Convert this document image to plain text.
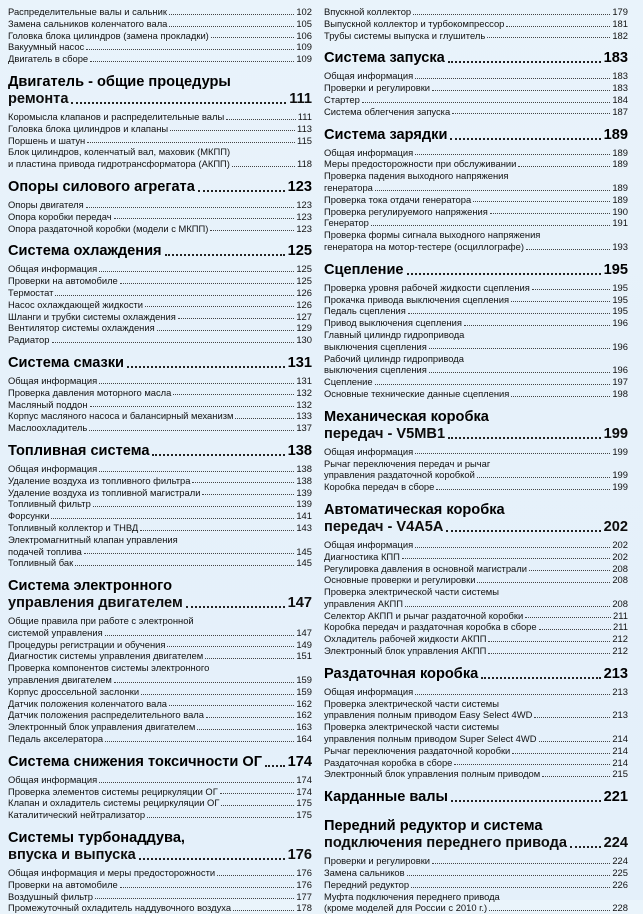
Распределительные валы и сальник	102
Замена сальников коленчатого вала	105
Головка блока цилиндров (замена прокладки)	106
Вакуумный насос	109
Двигатель в сборе	109
Двигатель - общие процедуры
ремонта	111
Коромысла клапанов и распределительные валы	111
Головка блока цилиндров и клапаны	113
Поршень и шатун	115
Блок цилиндров, коленчатый вал, маховик (МКПП)
и пластина привода гидротрансформатора (АКПП)	118
Опоры силового агрегата	123
Опоры двигателя	123
Опора коробки передач	123
Опора раздаточной коробки (модели с МКПП)	123
Система охлаждения	125
Общая информация	125
Проверки на автомобиле	125
Термостат	126
Насос охлаждающей жидкости	126
Шланги и трубки системы охлаждения	127
Вентилятор системы охлаждения	129
Радиатор	130
Система смазки	131
Общая информация	131
Проверка давления моторного масла	132
Масляный поддон	132
Корпус масляного насоса и балансирный механизм	133
Маслоохладитель	137
Топливная система	138
Общая информация	138
Удаление воздуха из топливного фильтра	138
Удаление воздуха из топливной магистрали	139
Топливный фильтр	139
Форсунки	141
Топливный коллектор и ТНВД	143
Электромагнитный клапан управления
подачей топлива	145
Топливный бак	145
Система электронного
управления двигателем	147
Общие правила при работе с электронной
системой управления	147
Процедуры регистрации и обучения	149
Диагностик системы управления двигателем	151
Проверка компонентов системы электронного
управления двигателем	159
Корпус дроссельной заслонки	159
Датчик положения коленчатого вала	162
Датчик положения распределительного вала	162
Электронный блок управления двигателем	163
Педаль акселератора	164
Система снижения токсичности ОГ 174
Общая информация	174
Проверка элементов системы рециркуляции ОГ	174
Клапан и охладитель системы рециркуляции ОГ	175
Каталитический нейтрализатор	175
Системы турбонаддува,
впуска и выпуска	176
Общая информация и меры предосторожности	176
Проверки на автомобиле	176
Воздушный фильтр	177
Промежуточный охладитель наддувочного воздуха	178
Впускной коллектор	179
Выпускной коллектор и турбокомпрессор	181
Трубы системы выпуска и глушитель	182
Система запуска	183
Общая информация	183
Проверки и регулировки	183
Стартер	184
Система облегчения запуска	187
Система зарядки	189
Общая информация	189
Меры предосторожности при обслуживании	189
Проверка падения выходного напряжения
генератора	189
Проверка тока отдачи генератора	189
Проверка регулируемого напряжения	190
Генератор	191
Проверка формы сигнала выходного напряжения
генератора на мотор-тестере (осциллографе)	193
Сцепление	195
Проверка уровня рабочей жидкости сцепления	195
Прокачка привода выключения сцепления	195
Педаль сцепления	195
Привод выключения сцепления	196
Главный цилиндр гидропривода
выключения сцепления	196
Рабочий цилиндр гидропривода
выключения сцепления	196
Сцепление	197
Основные технические данные сцепления	198
Механическая коробка
передач - V5MB1	199
Общая информация	199
Рычаг переключения передач и рычаг
управления раздаточной коробкой	199
Коробка передач в сборе	199
Автоматическая коробка
передач - V4A5A	202
Общая информация	202
Диагностика КПП	202
Регулировка давления в основной магистрали	208
Основные проверки и регулировки	208
Проверка электрической части системы
управления АКПП	208
Селектор АКПП и рычаг раздаточной коробки	211
Коробка передач и раздаточная коробка в сборе	211
Охладитель рабочей жидкости АКПП	212
Электронный блок управления АКПП	212
Раздаточная коробка	213
Общая информация	213
Проверка электрической части системы
управления полным приводом Easy Select 4WD	213
Проверка электрической части системы
управления полным приводом Super Select 4WD	214
Рычаг переключения раздаточной коробки	214
Раздаточная коробка в сборе	214
Электронный блок управления полным приводом	215
Карданные валы	221
Передний редуктор и система
подключения переднего привода	224
Проверки и регулировки	224
Замена сальников	225
Передний редуктор	226
Муфта подключения переднего привода
(кроме моделей для России с 2010 г.)	228
